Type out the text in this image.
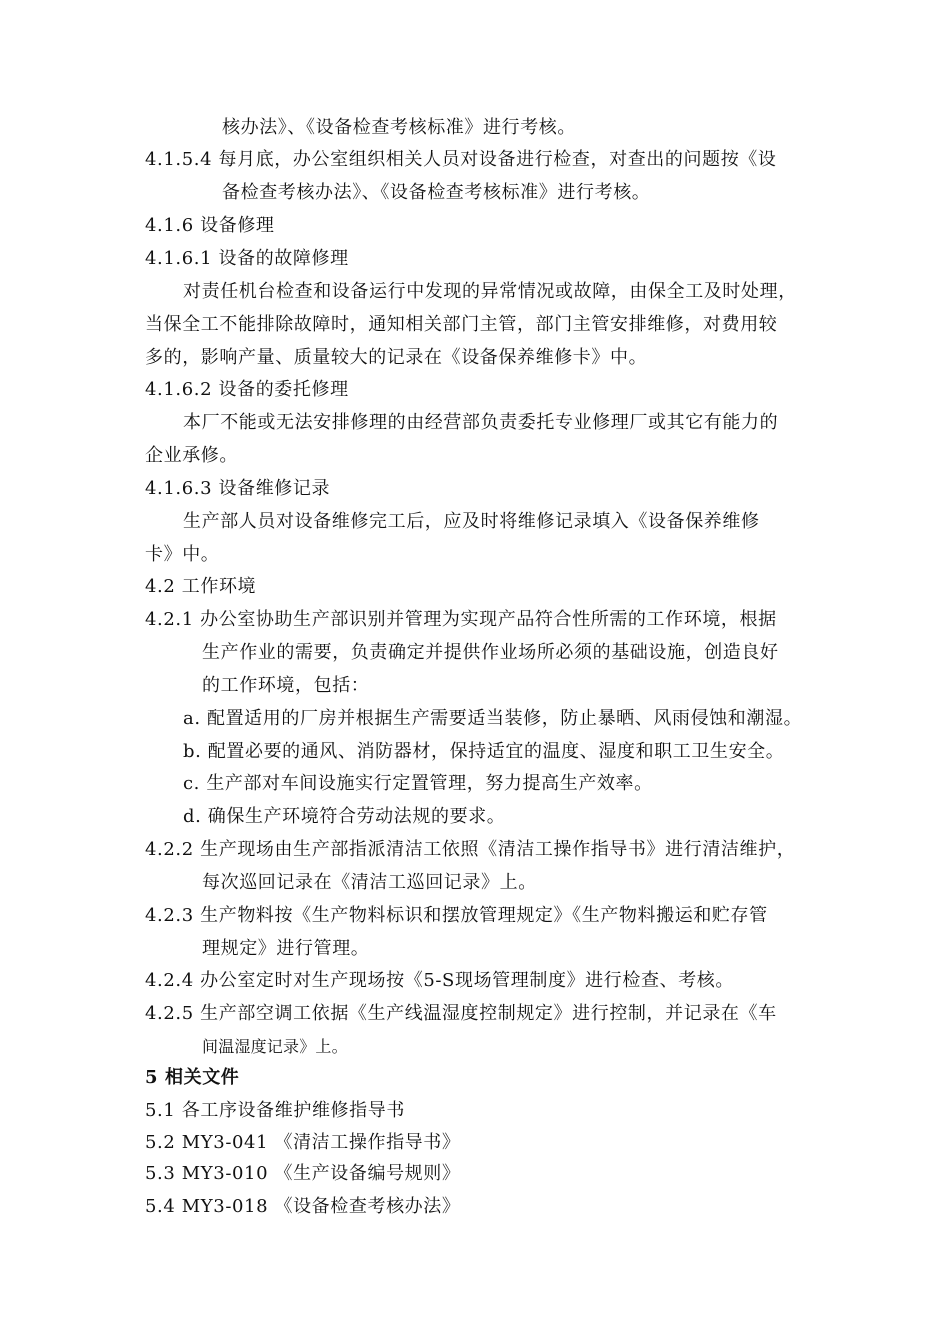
核办法》、《设备检查考核标准》进行考核。
4.1.5.4 每月底，办公室组织相关人员对设备进行检查，对查出的问题按《设
备检查考核办法》、《设备检查考核标准》进行考核。
4.1.6 设备修理
4.1.6.1 设备的故障修理
对责任机台检查和设备运行中发现的异常情况或故障，由保全工及时处理，
当保全工不能排除故障时，通知相关部门主管，部门主管安排维修，对费用较
多的，影响产量、质量较大的记录在《设备保养维修卡》中。
4.1.6.2 设备的委托修理
本厂不能或无法安排修理的由经营部负责委托专业修理厂或其它有能力的
企业承修。
4.1.6.3 设备维修记录
生产部人员对设备维修完工后，应及时将维修记录填入《设备保养维修
卡》中。
4.2 工作环境
4.2.1 办公室协助生产部识别并管理为实现产品符合性所需的工作环境，根据
生产作业的需要，负责确定并提供作业场所必须的基础设施，创造良好
的工作环境，包括：
a. 配置适用的厂房并根据生产需要适当装修，防止暴晒、风雨侵蚀和潮湿。
b. 配置必要的通风、消防器材，保持适宜的温度、湿度和职工卫生安全。
c. 生产部对车间设施实行定置管理，努力提高生产效率。
d. 确保生产环境符合劳动法规的要求。
4.2.2 生产现场由生产部指派清洁工依照《清洁工操作指导书》进行清洁维护，
每次巡回记录在《清洁工巡回记录》上。
4.2.3 生产物料按《生产物料标识和摆放管理规定》《生产物料搬运和贮存管
理规定》进行管理。
4.2.4 办公室定时对生产现场按《5-S现场管理制度》进行检查、考核。
4.2.5 生产部空调工依据《生产线温湿度控制规定》进行控制，并记录在《车
间温湿度记录》上。
5 相关文件
5.1 各工序设备维护维修指导书
5.2 MY3-041 《清洁工操作指导书》
5.3 MY3-010 《生产设备编号规则》
5.4 MY3-018 《设备检查考核办法》
